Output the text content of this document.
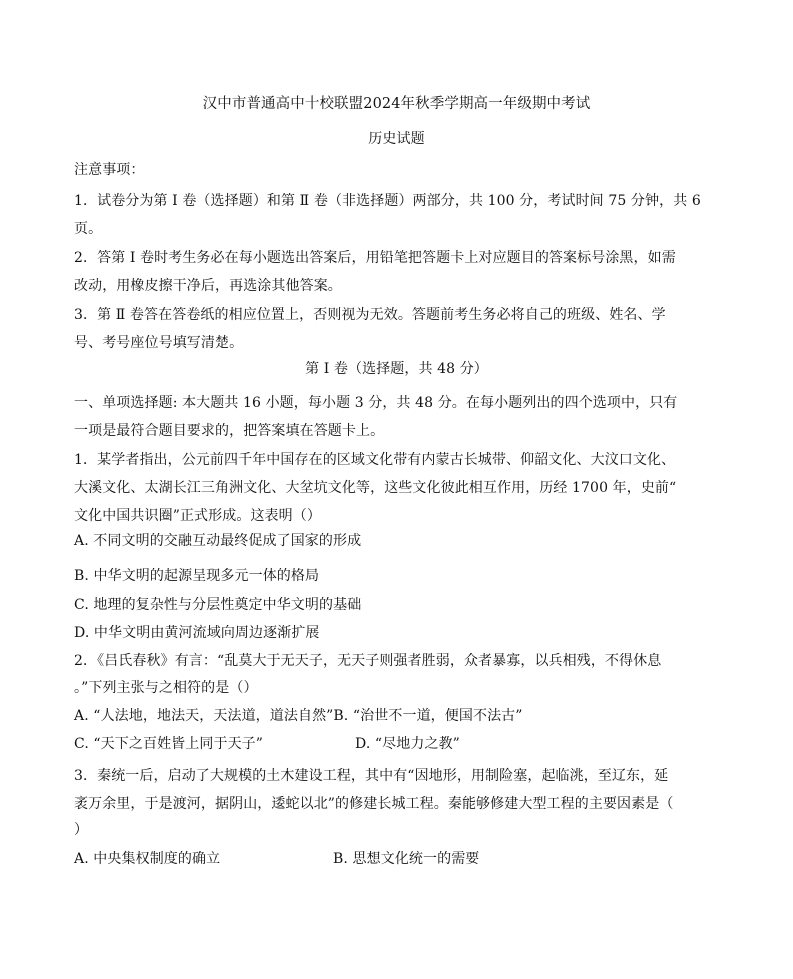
汉中市普通高中十校联盟2024年秋季学期高一年级期中考试
历史试题
注意事项：
1．试卷分为第 Ⅰ 卷（选择题）和第 Ⅱ 卷（非选择题）两部分，共 100 分，考试时间 75 分钟，共 6
页。
2．答第 Ⅰ 卷时考生务必在每小题选出答案后，用铅笔把答题卡上对应题目的答案标号涂黑，如需
改动，用橡皮擦干净后，再选涂其他答案。
3．第 Ⅱ 卷答在答卷纸的相应位置上，否则视为无效。答题前考生务必将自己的班级、姓名、学
号、考号座位号填写清楚。
第 Ⅰ 卷（选择题，共 48 分）
一、单项选择题: 本大题共 16 小题，每小题 3 分，共 48 分。在每小题列出的四个选项中，只有
一项是最符合题目要求的，把答案填在答题卡上。
1．某学者指出，公元前四千年中国存在的区域文化带有内蒙古长城带、仰韶文化、大汶口文化、
大溪文化、太湖长江三角洲文化、大坌坑文化等，这些文化彼此相互作用，历经 1700 年，史前“
文化中国共识圈”正式形成。这表明（）
A. 不同文明的交融互动最终促成了国家的形成
B. 中华文明的起源呈现多元一体的格局
C. 地理的复杂性与分层性奠定中华文明的基础
D. 中华文明由黄河流域向周边逐渐扩展
2．《吕氏春秋》有言：“乱莫大于无天子，无天子则强者胜弱，众者暴寡，以兵相残，不得休息
。”下列主张与之相符的是（）
A. “人法地，地法天，天法道，道法自然”B. “治世不一道，便国不法古”
C. “天下之百姓皆上同于天子”	D. “尽地力之教”
3．秦统一后，启动了大规模的土木建设工程，其中有“因地形，用制险塞，起临洮，至辽东，延
袤万余里，于是渡河，据阴山，逶蛇以北”的修建长城工程。秦能够修建大型工程的主要因素是（
）
A. 中央集权制度的确立	B. 思想文化统一的需要
